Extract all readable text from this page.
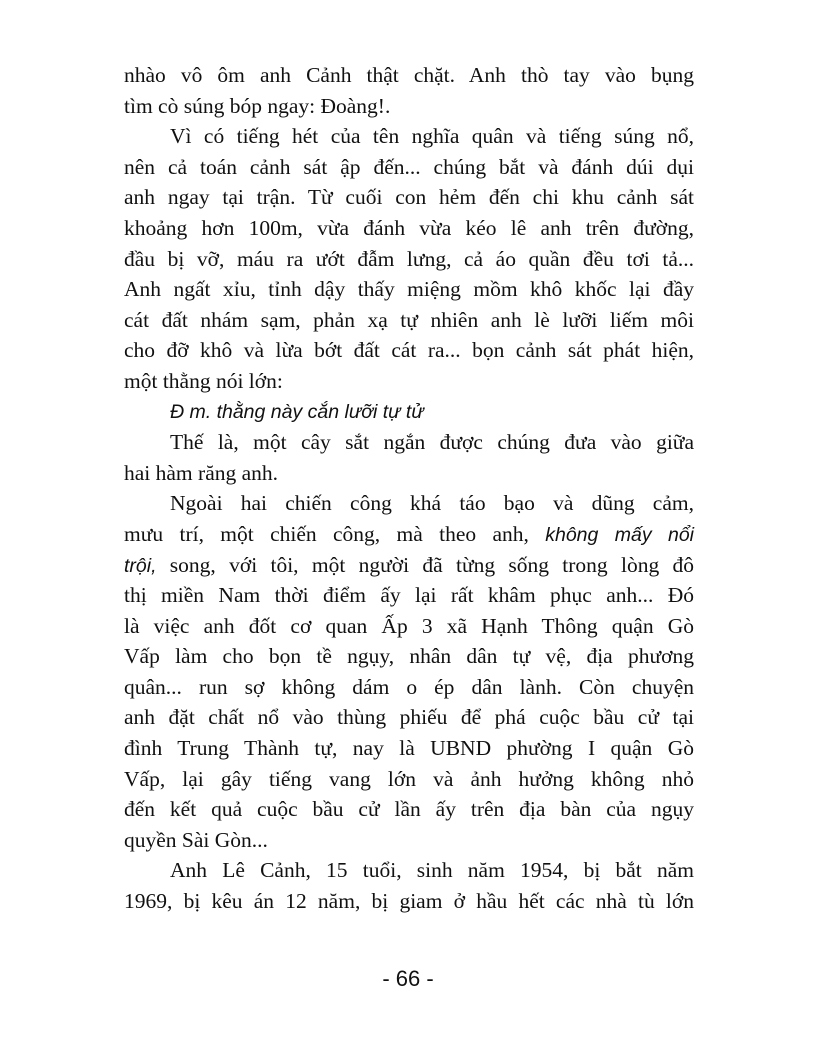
nhào vô ôm anh Cảnh thật chặt. Anh thò tay vào bụng
tìm cò súng bóp ngay: Đoàng!.
Vì có tiếng hét của tên nghĩa quân và tiếng súng nổ,
nên cả toán cảnh sát ập đến... chúng bắt và đánh dúi dụi
anh ngay tại trận. Từ cuối con hẻm đến chi khu cảnh sát
khoảng hơn 100m, vừa đánh vừa kéo lê anh trên đường,
đầu bị vỡ, máu ra ướt đẫm lưng, cả áo quần đều tơi tả...
Anh ngất xỉu, tỉnh dậy thấy miệng mồm khô khốc lại đầy
cát đất nhám sạm, phản xạ tự nhiên anh lè lưỡi liếm môi
cho đỡ khô và lừa bớt đất cát ra... bọn cảnh sát phát hiện,
một thằng nói lớn:
Đ m. thằng này cắn lưỡi tự tử
Thế là, một cây sắt ngắn được chúng đưa vào giữa
hai hàm răng anh.
Ngoài hai chiến công khá táo bạo và dũng cảm,
mưu trí, một chiến công, mà theo anh, không mấy nổi
trội, song, với tôi, một người đã từng sống trong lòng đô
thị miền Nam thời điểm ấy lại rất khâm phục anh... Đó
là việc anh đốt cơ quan Ấp 3 xã Hạnh Thông quận Gò
Vấp làm cho bọn tề ngụy, nhân dân tự vệ, địa phương
quân... run sợ không dám o ép dân lành. Còn chuyện
anh đặt chất nổ vào thùng phiếu để phá cuộc bầu cử tại
đình Trung Thành tự, nay là UBND phường I quận Gò
Vấp, lại gây tiếng vang lớn và ảnh hưởng không nhỏ
đến kết quả cuộc bầu cử lần ấy trên địa bàn của ngụy
quyền Sài Gòn...
Anh Lê Cảnh, 15 tuổi, sinh năm 1954, bị bắt năm
1969, bị kêu án 12 năm, bị giam ở hầu hết các nhà tù lớn
- 66 -
